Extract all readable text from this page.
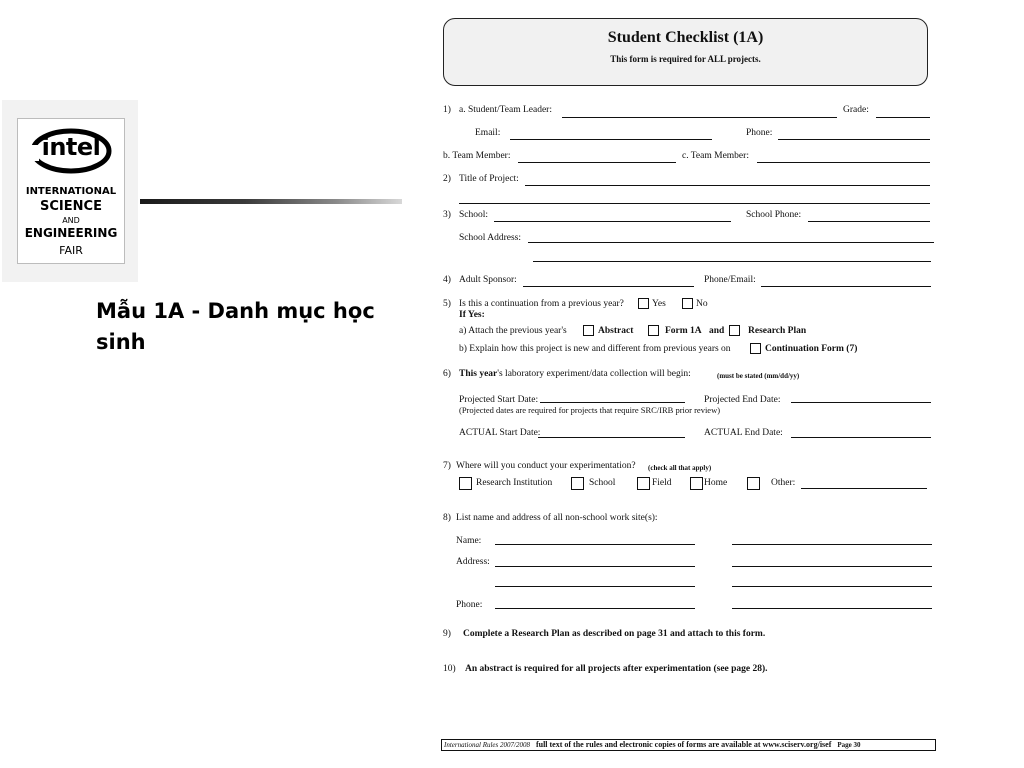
intel
INTERNATIONAL
SCIENCE
AND
ENGINEERING
FAIR
Mẫu 1A - Danh mục học sinh
Student Checklist (1A)
This form is required for ALL projects.
1) a. Student/Team Leader:	Grade:
Email:	Phone:
b. Team Member:	c. Team Member:
2) Title of Project:
3) School:	School Phone:
School Address:
4) Adult Sponsor:	Phone/Email:
5) Is this a continuation from a previous year?	Yes	No
If Yes:
a) Attach the previous year's	Abstract	Form 1A and Research Plan
b) Explain how this project is new and different from previous years on	Continuation Form (7)
6) This year's laboratory experiment/data collection will begin:	(must be stated (mm/dd/yy)
Projected Start Date:	Projected End Date:
(Projected dates are required for projects that require SRC/IRB prior review)
ACTUAL Start Date:	ACTUAL End Date:
7) Where will you conduct your experimentation? (check all that apply)
Research Institution	School	Field	Home	Other:
8) List name and address of all non-school work site(s):
Name:
Address:
Phone:
9) Complete a Research Plan as described on page 31 and attach to this form.
10) An abstract is required for all projects after experimentation (see page 28).
International Rules 2007/2008 full text of the rules and electronic copies of forms are available at www.sciserv.org/isef Page 30
